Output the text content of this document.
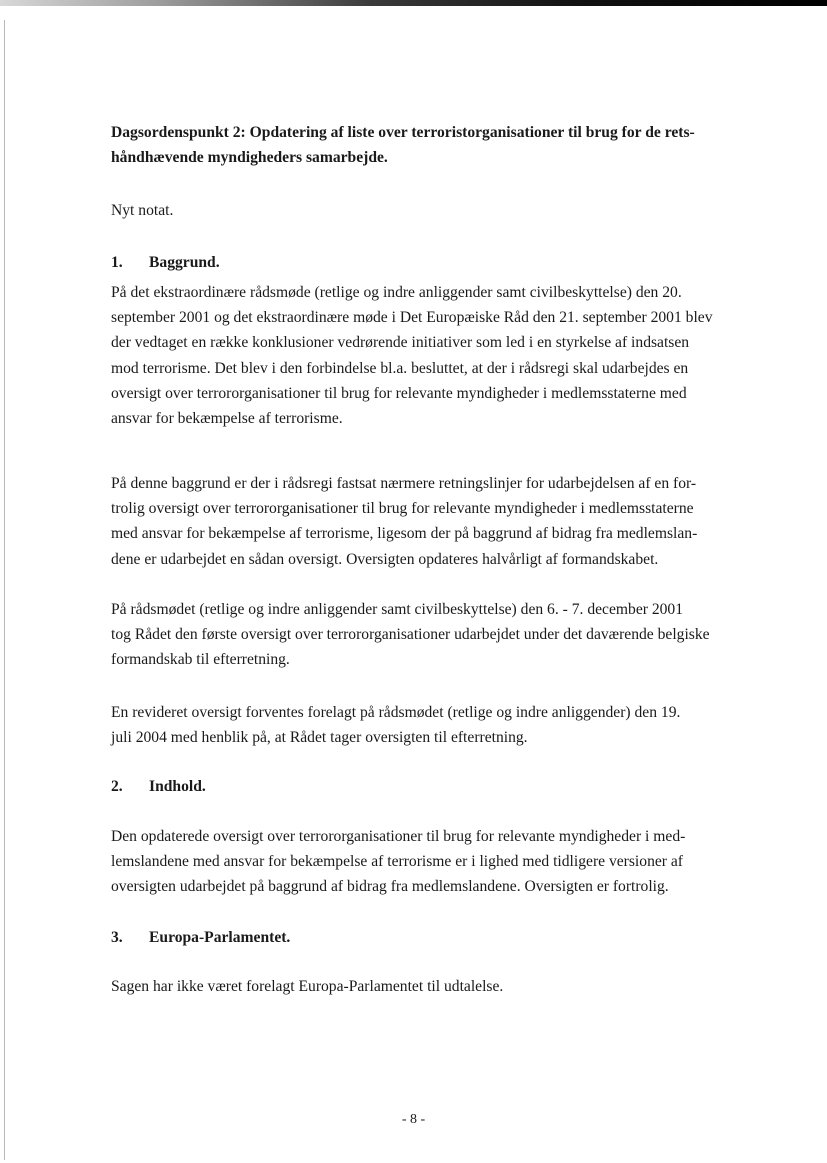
Dagsordenspunkt 2: Opdatering af liste over terroristorganisationer til brug for de rets-
håndhævende myndigheders samarbejde.

Nyt notat.

1. Baggrund.

På det ekstraordinære rådsmøde (retlige og indre anliggender samt civilbeskyttelse) den 20.
september 2001 og det ekstraordinære møde i Det Europæiske Råd den 21. september 2001 blev
der vedtaget en række konklusioner vedrørende initiativer som led i en styrkelse af indsatsen
mod terrorisme. Det blev i den forbindelse bl.a. besluttet, at der i rådsregi skal udarbejdes en
oversigt over terrororganisationer til brug for relevante myndigheder i medlemsstaterne med
ansvar for bekæmpelse af terrorisme.

På denne baggrund er der i rådsregi fastsat nærmere retningslinjer for udarbejdelsen af en for-
trolig oversigt over terrororganisationer til brug for relevante myndigheder i medlemsstaterne
med ansvar for bekæmpelse af terrorisme, ligesom der på baggrund af bidrag fra medlemslan-
dene er udarbejdet en sådan oversigt. Oversigten opdateres halvårligt af formandskabet.

På rådsmødet (retlige og indre anliggender samt civilbeskyttelse) den 6. - 7. december 2001
tog Rådet den første oversigt over terrororganisationer udarbejdet under det daværende belgiske
formandskab til efterretning.

En revideret oversigt forventes forelagt på rådsmødet (retlige og indre anliggender) den 19.
juli 2004 med henblik på, at Rådet tager oversigten til efterretning.

2. Indhold.

Den opdaterede oversigt over terrororganisationer til brug for relevante myndigheder i med-
lemslandene med ansvar for bekæmpelse af terrorisme er i lighed med tidligere versioner af
oversigten udarbejdet på baggrund af bidrag fra medlemslandene. Oversigten er fortrolig.

3. Europa-Parlamentet.

Sagen har ikke været forelagt Europa-Parlamentet til udtalelse.

- 8 -
